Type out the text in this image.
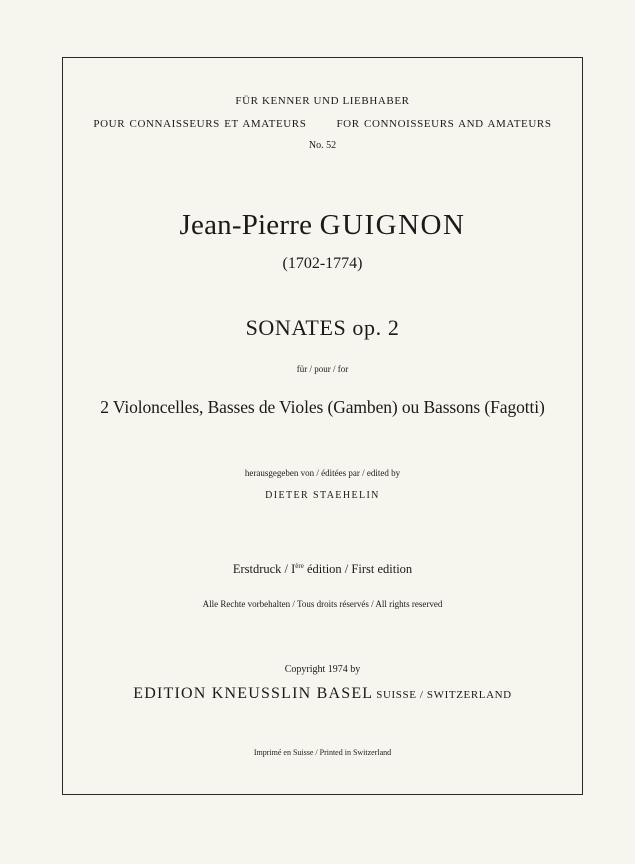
FÜR KENNER UND LIEBHABER
POUR CONNAISSEURS ET AMATEURS	FOR CONNOISSEURS AND AMATEURS
No. 52
Jean-Pierre GUIGNON
(1702-1774)
SONATES op. 2
für / pour / for
2 Violoncelles, Basses de Violes (Gamben) ou Bassons (Fagotti)
herausgegeben von / éditées par / edited by
DIETER STAEHELIN
Erstdruck / Ière édition / First edition
Alle Rechte vorbehalten / Tous droits réservés / All rights reserved
Copyright 1974 by
EDITION KNEUSSLIN BASEL SUISSE / SWITZERLAND
Imprimé en Suisse / Printed in Switzerland
